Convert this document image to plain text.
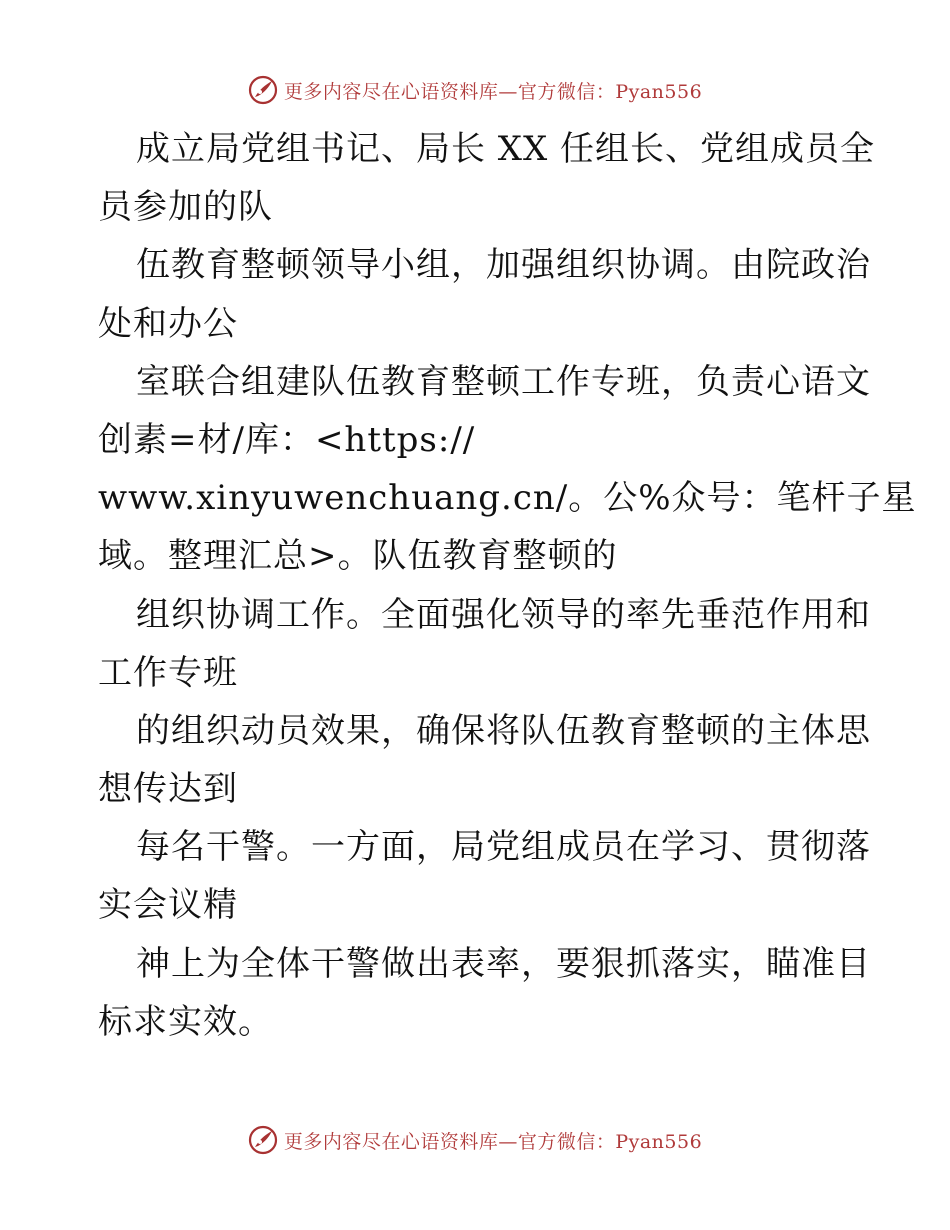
更多内容尽在心语资料库—官方微信：Pyan556
成立局党组书记、局长 XX 任组长、党组成员全
员参加的队
伍教育整顿领导小组，加强组织协调。由院政治
处和办公
室联合组建队伍教育整顿工作专班，负责心语文
创素=材/库：<https://
www.xinyuwenchuang.cn/。公%众号：笔杆子星
域。整理汇总>。队伍教育整顿的
组织协调工作。全面强化领导的率先垂范作用和
工作专班
的组织动员效果，确保将队伍教育整顿的主体思
想传达到
每名干警。一方面，局党组成员在学习、贯彻落
实会议精
神上为全体干警做出表率，要狠抓落实，瞄准目
标求实效。
更多内容尽在心语资料库—官方微信：Pyan556
